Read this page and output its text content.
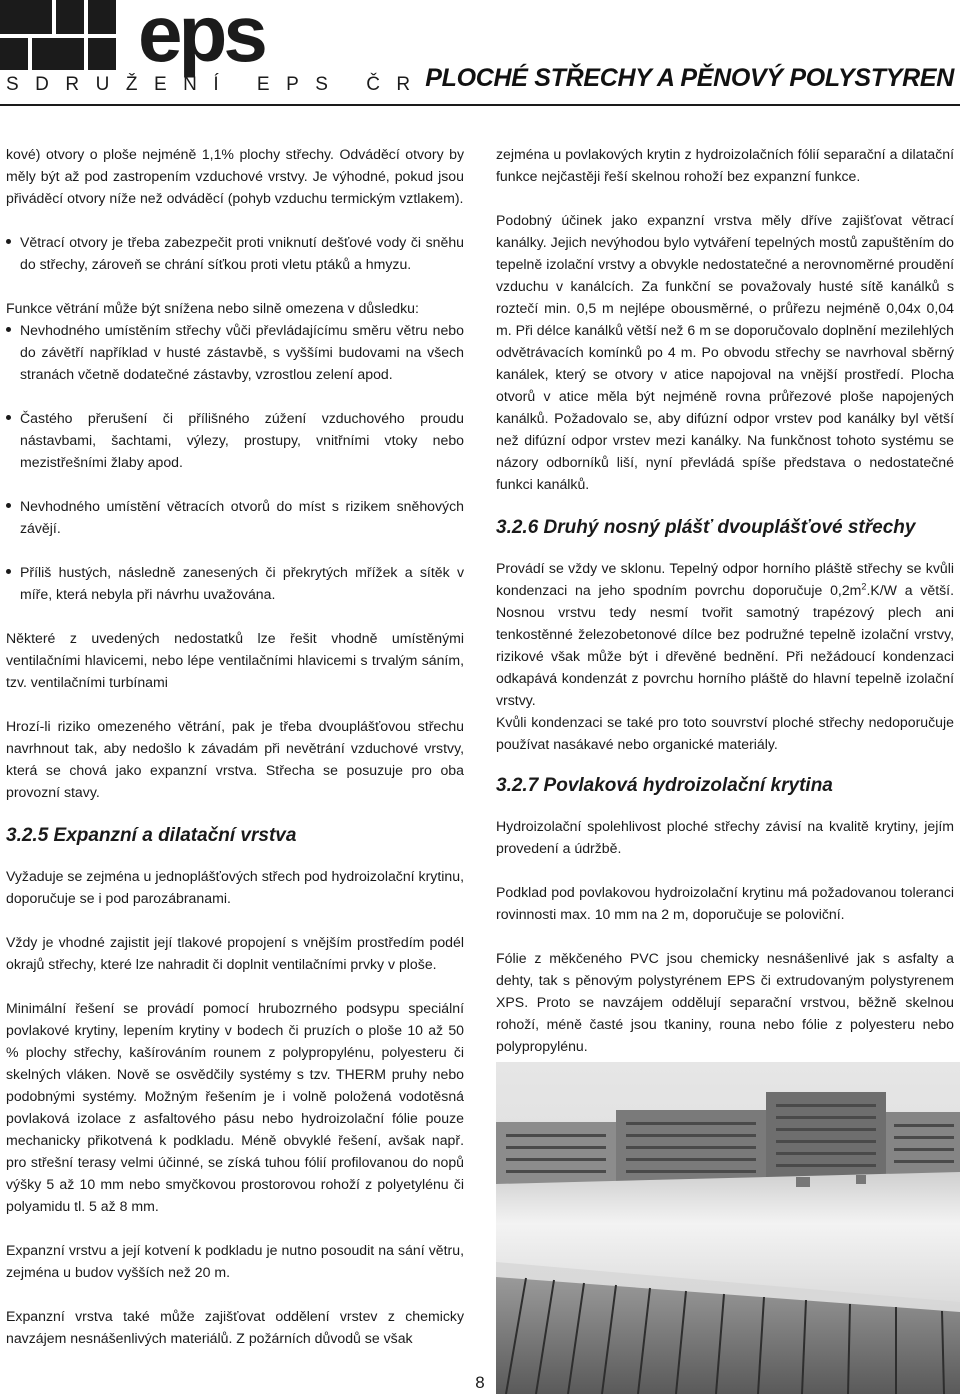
eps
SDRUŽENÍ EPS ČR
PLOCHÉ STŘECHY A PĚNOVÝ POLYSTYREN

kové) otvory o ploše nejméně 1,1% plochy střechy. Odváděcí otvory by měly být až pod zastropením vzduchové vrstvy. Je výhodné, pokud jsou přiváděcí otvory níže než odváděcí (pohyb vzduchu termickým vztlakem).

Větrací otvory je třeba zabezpečit proti vniknutí dešťové vody či sněhu do střechy, zároveň se chrání síťkou proti vletu ptáků a hmyzu.

Funkce větrání může být snížena nebo silně omezena v důsledku:

Nevhodného umístěním střechy vůči převládajícímu směru větru nebo do závětří například v husté zástavbě, s vyššími budovami na všech stranách včetně dodatečné zástavby, vzrostlou zelení apod.

Častého přerušení či přílišného zúžení vzduchového proudu nástavbami, šachtami, výlezy, prostupy, vnitřními vtoky nebo mezistřešními žlaby apod.

Nevhodného umístění větracích otvorů do míst s rizikem sněhových závějí.

Příliš hustých, následně zanesených či překrytých mřížek a sítěk v míře, která nebyla při návrhu uvažována.

Některé z uvedených nedostatků lze řešit vhodně umístěnými ventilačními hlavicemi, nebo lépe ventilačními hlavicemi s trvalým sáním, tzv. ventilačními turbínami

Hrozí-li riziko omezeného větrání, pak je třeba dvouplášťovou střechu navrhnout tak, aby nedošlo k závadám při nevětrání vzduchové vrstvy, která se chová jako expanzní vrstva. Střecha se posuzuje pro oba provozní stavy.

3.2.5 Expanzní a dilatační vrstva

Vyžaduje se zejména u jednoplášťových střech pod hydroizolační krytinu, doporučuje se i pod parozábranami.

Vždy je vhodné zajistit její tlakové propojení s vnějším prostředím podél okrajů střechy, které lze nahradit či doplnit ventilačními prvky v ploše.

Minimální řešení se provádí pomocí hrubozrného podsypu speciální povlakové krytiny, lepením krytiny v bodech či pruzích o ploše 10 až 50 % plochy střechy, kašírováním rounem z polypropylénu, polyesteru či skelných vláken. Nově se osvědčily systémy s tzv. THERM pruhy nebo podobnými systémy. Možným řešením je i volně položená vodotěsná povlaková izolace z asfaltového pásu nebo hydroizolační fólie pouze mechanicky přikotvená k podkladu. Méně obvyklé řešení, avšak např. pro střešní terasy velmi účinné, se získá tuhou fólií profilovanou do nopů výšky 5 až 10 mm nebo smyčkovou prostorovou rohoží z polyetylénu či polyamidu tl. 5 až 8 mm.

Expanzní vrstvu a její kotvení k podkladu je nutno posoudit na sání větru, zejména u budov vyšších než 20 m.

Expanzní vrstva také může zajišťovat oddělení vrstev z chemicky navzájem nesnášenlivých materiálů. Z požárních důvodů se však

zejména u povlakových krytin z hydroizolačních fólií separační a dilatační funkce nejčastěji řeší skelnou rohoží bez expanzní funkce.

Podobný účinek jako expanzní vrstva měly dříve zajišťovat větrací kanálky. Jejich nevýhodou bylo vytváření tepelných mostů zapuštěním do tepelně izolační vrstvy a obvykle nedostatečné a nerovnoměrné proudění vzduchu v kanálcích. Za funkční se považovaly husté sítě kanálků s roztečí min. 0,5 m nejlépe obousměrné, o průřezu nejméně 0,04x 0,04 m. Při délce kanálků větší než 6 m se doporučovalo doplnění mezilehlých odvětrávacích komínků po 4 m. Po obvodu střechy se navrhoval sběrný kanálek, který se otvory v atice napojoval na vnější prostředí. Plocha otvorů v atice měla být nejméně rovna průřezové ploše napojených kanálků. Požadovalo se, aby difúzní odpor vrstev pod kanálky byl větší než difúzní odpor vrstev mezi kanálky. Na funkčnost tohoto systému se názory odborníků liší, nyní převládá spíše představa o nedostatečné funkci kanálků.

3.2.6 Druhý nosný plášť dvouplášťové střechy

Provádí se vždy ve sklonu. Tepelný odpor horního pláště střechy se kvůli kondenzaci na jeho spodním povrchu doporučuje $0,2m^2.K/W$ a větší. Nosnou vrstvu tedy nesmí tvořit samotný trapézový plech ani tenkostěnné železobetonové dílce bez podružné tepelně izolační vrstvy, rizikové však může být i dřevěné bednění. Při nežádoucí kondenzaci odkapává kondenzát z povrchu horního pláště do hlavní tepelně izolační vrstvy.

Kvůli kondenzaci se také pro toto souvrství ploché střechy nedoporučuje používat nasákavé nebo organické materiály.

3.2.7 Povlaková hydroizolační krytina

Hydroizolační spolehlivost ploché střechy závisí na kvalitě krytiny, jejím provedení a údržbě.

Podklad pod povlakovou hydroizolační krytinu má požadovanou toleranci rovinnosti max. 10 mm na 2 m, doporučuje se poloviční.

Fólie z měkčeného PVC jsou chemicky nesnášenlivé jak s asfalty a dehty, tak s pěnovým polystyrénem EPS či extrudovaným polystyrenem XPS. Proto se navzájem oddělují separační vrstvou, běžně skelnou rohoží, méně časté jsou tkaniny, rouna nebo fólie z polyesteru nebo polypropylénu.

8
